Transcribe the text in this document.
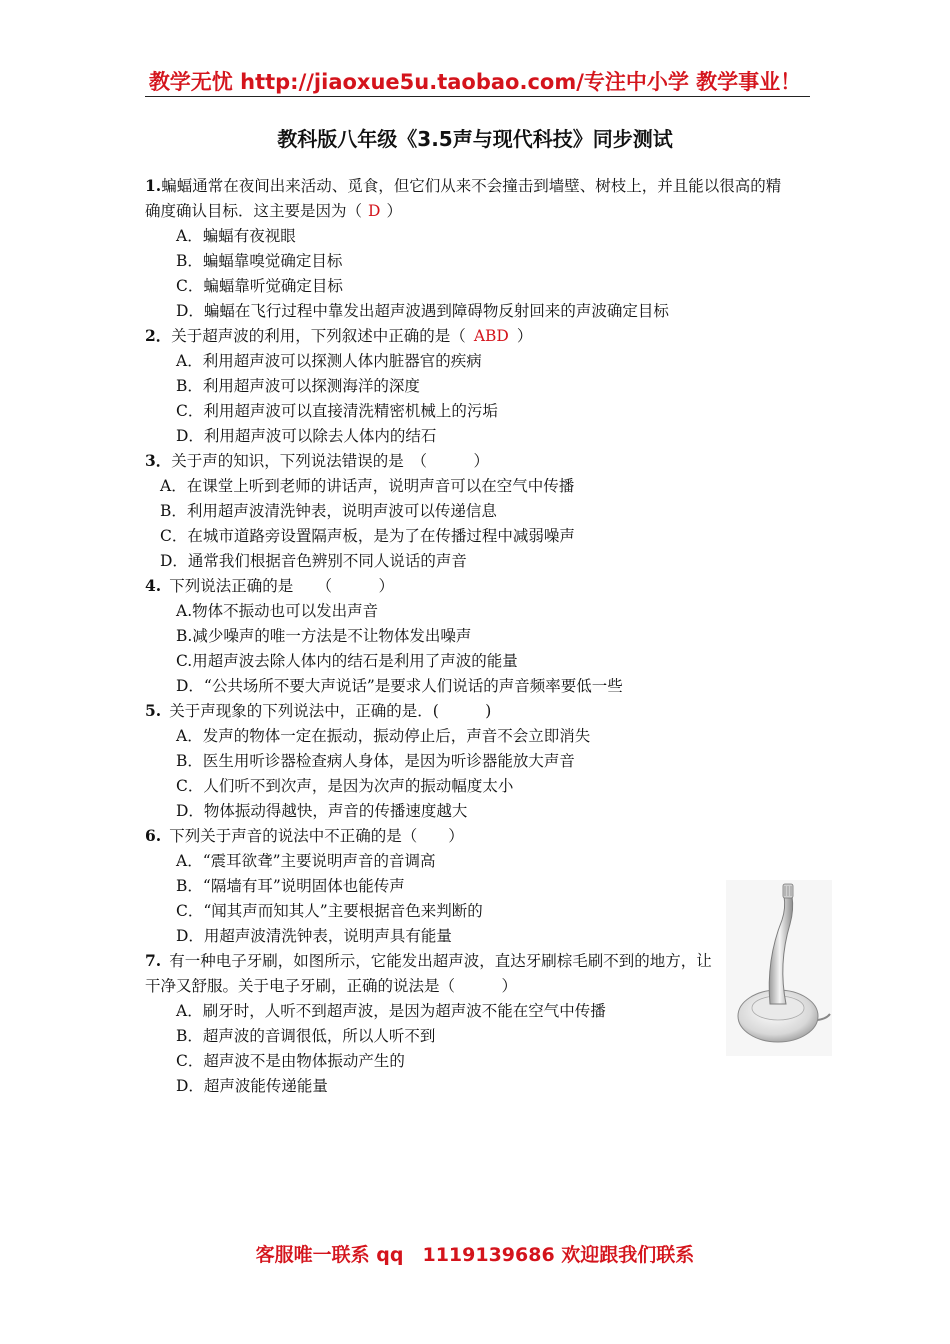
教学无忧 http://jiaoxue5u.taobao.com/专注中小学 教学事业！
教科版八年级《3.5声与现代科技》同步测试
1.蝙蝠通常在夜间出来活动、觅食，但它们从来不会撞击到墙壁、树枝上，并且能以很高的精
确度确认目标．这主要是因为（ D ）
A．蝙蝠有夜视眼
B．蝙蝠靠嗅觉确定目标
C．蝙蝠靠听觉确定目标
D．蝙蝠在飞行过程中靠发出超声波遇到障碍物反射回来的声波确定目标
2．关于超声波的利用，下列叙述中正确的是（ ABD ）
A．利用超声波可以探测人体内脏器官的疾病
B．利用超声波可以探测海洋的深度
C．利用超声波可以直接清洗精密机械上的污垢
D．利用超声波可以除去人体内的结石
3．关于声的知识，下列说法错误的是　（　　　）
A．在课堂上听到老师的讲话声，说明声音可以在空气中传播
B．利用超声波清洗钟表，说明声波可以传递信息
C．在城市道路旁设置隔声板，是为了在传播过程中减弱噪声
D．通常我们根据音色辨别不同人说话的声音
4. 下列说法正确的是　　（　　　）
A.物体不振动也可以发出声音
B.减少噪声的唯一方法是不让物体发出噪声
C.用超声波去除人体内的结石是利用了声波的能量
D．“公共场所不要大声说话”是要求人们说话的声音频率要低一些
5. 关于声现象的下列说法中，正确的是．(　　　)
A．发声的物体一定在振动，振动停止后，声音不会立即消失
B．医生用听诊器检查病人身体，是因为听诊器能放大声音
C．人们听不到次声，是因为次声的振动幅度太小
D．物体振动得越快，声音的传播速度越大
6. 下列关于声音的说法中不正确的是（　　）
A．“震耳欲聋”主要说明声音的音调高
B．“隔墙有耳”说明固体也能传声
C．“闻其声而知其人”主要根据音色来判断的
D．用超声波清洗钟表，说明声具有能量
7. 有一种电子牙刷，如图所示，它能发出超声波，直达牙刷棕毛刷不到的地方，让
干净又舒服。关于电子牙刷，正确的说法是（　　　）
A．刷牙时，人听不到超声波，是因为超声波不能在空气中传播
B．超声波的音调很低，所以人听不到
C．超声波不是由物体振动产生的
D．超声波能传递能量
客服唯一联系 qq　1119139686 欢迎跟我们联系
